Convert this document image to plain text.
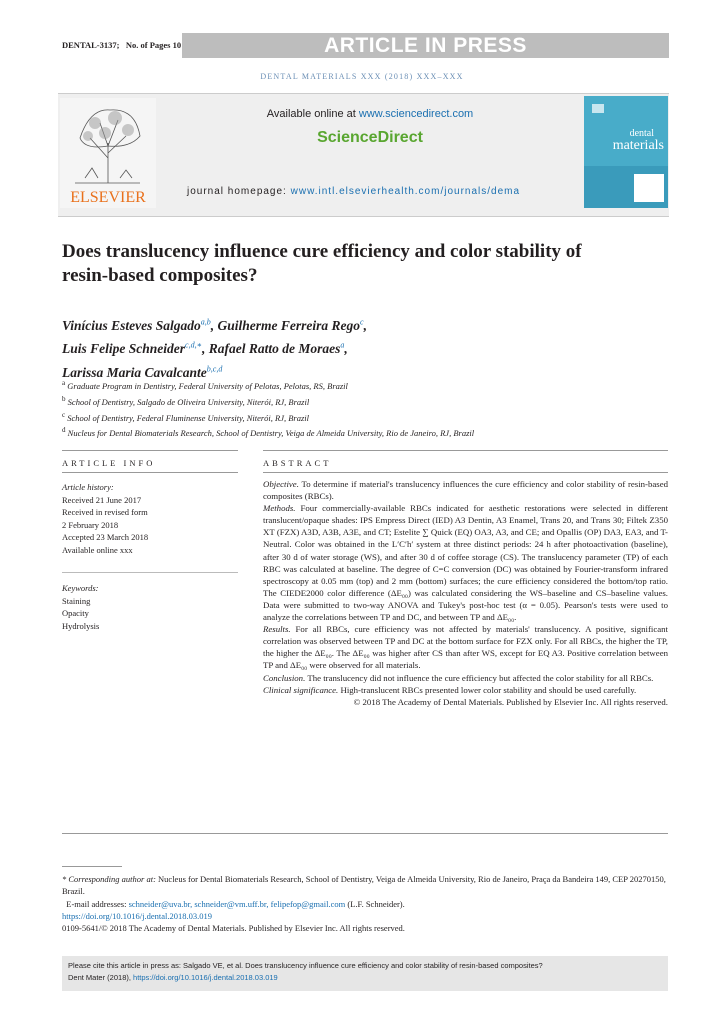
DENTAL-3137; No. of Pages 10	ARTICLE IN PRESS
DENTAL MATERIALS XXX (2018) XXX–XXX
ELSEVIER
Available online at www.sciencedirect.com
ScienceDirect
journal homepage: www.intl.elsevierhealth.com/journals/dema
dental
materials
Does translucency influence cure efficiency and color stability of resin-based composites?
Vinícius Esteves Salgado$^{a,b}$, Guilherme Ferreira Rego$^c$,
Luis Felipe Schneider$^{c,d,∗}$, Rafael Ratto de Moraes$^a$,
Larissa Maria Cavalcante$^{b,c,d}$
$^a$ Graduate Program in Dentistry, Federal University of Pelotas, Pelotas, RS, Brazil
$^b$ School of Dentistry, Salgado de Oliveira University, Niterói, RJ, Brazil
$^c$ School of Dentistry, Federal Fluminense University, Niterói, RJ, Brazil
$^d$ Nucleus for Dental Biomaterials Research, School of Dentistry, Veiga de Almeida University, Rio de Janeiro, RJ, Brazil
ARTICLE INFO	ABSTRACT
Article history:
Received 21 June 2017
Received in revised form
2 February 2018
Accepted 23 March 2018
Available online xxx
Keywords:
Staining
Opacity
Hydrolysis
Objective. To determine if material's translucency influences the cure efficiency and color stability of resin-based composites (RBCs).
Methods. Four commercially-available RBCs indicated for aesthetic restorations were selected in different translucent/opaque shades: IPS Empress Direct (IED) A3 Dentin, A3 Enamel, Trans 20, and Trans 30; Filtek Z350 XT (FZX) A3D, A3B, A3E, and CT; Estelite ∑ Quick (EQ) OA3, A3, and CE; and Opallis (OP) DA3, EA3, and T-Neutral. Color was obtained in the L′C′h′ system at three distinct periods: 24 h after photoactivation (baseline), after 30 d of water storage (WS), and after 30 d of coffee storage (CS). The translucency parameter (TP) of each RBC was calculated at baseline. The degree of C=C conversion (DC) was obtained by Fourier-transform infrared spectroscopy at 0.05 mm (top) and 2 mm (bottom) surfaces; the cure efficiency considered the bottom/top ratio. The CIEDE2000 color difference (ΔE₀₀) was calculated considering the WS–baseline and CS–baseline values. Data were submitted to two-way ANOVA and Tukey's post-hoc test (α = 0.05). Pearson's tests were used to analyze the correlations between TP and DC, and between TP and ΔE₀₀.
Results. For all RBCs, cure efficiency was not affected by materials' translucency. A positive, significant correlation was observed between TP and DC at the bottom surface for FZX only. For all RBCs, the higher the TP, the higher the ΔE₀₀. The ΔE₀₀ was higher after CS than after WS, except for EQ A3. Positive correlation between TP and ΔE₀₀ were observed for all materials.
Conclusion. The translucency did not influence the cure efficiency but affected the color stability for all RBCs.
Clinical significance. High-translucent RBCs presented lower color stability and should be used carefully.
© 2018 The Academy of Dental Materials. Published by Elsevier Inc. All rights reserved.
* Corresponding author at: Nucleus for Dental Biomaterials Research, School of Dentistry, Veiga de Almeida University, Rio de Janeiro, Praça da Bandeira 149, CEP 20270150, Brazil.
E-mail addresses: schneider@uva.br, schneider@vm.uff.br, felipefop@gmail.com (L.F. Schneider).
https://doi.org/10.1016/j.dental.2018.03.019
0109-5641/© 2018 The Academy of Dental Materials. Published by Elsevier Inc. All rights reserved.
Please cite this article in press as: Salgado VE, et al. Does translucency influence cure efficiency and color stability of resin-based composites?
Dent Mater (2018), https://doi.org/10.1016/j.dental.2018.03.019
